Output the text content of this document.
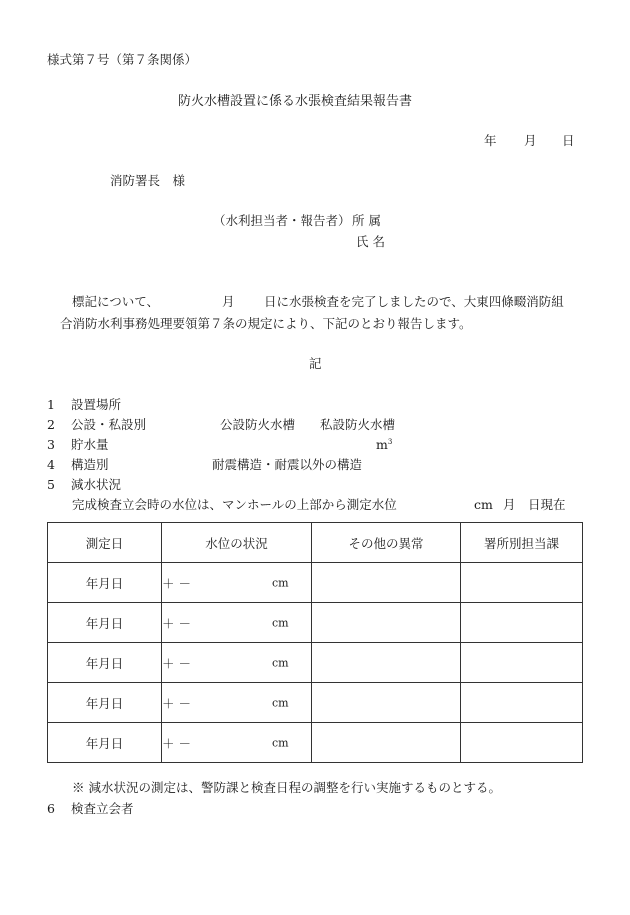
様式第７号（第７条関係）
防火水槽設置に係る水張検査結果報告書
年 月 日
消防署長　様
（水利担当者・報告者） 所 属
氏 名
標記について、	月 日に水張検査を完了しましたので、大東四條畷消防組
合消防水利事務処理要領第７条の規定により、下記のとおり報告します。
記
1 設置場所
2 公設・私設別	公設防火水槽　　私設防火水槽
3 貯水量	$m^3$
4 構造別	耐震構造・耐震以外の構造
5 減水状況
完成検査立会時の水位は、マンホールの上部から測定水位	cm 月 日現在
測定日	水位の状況	その他の異常	署所別担当課
年月日	＋ － cm		

年月日	＋ － cm		

年月日	＋ － cm		

年月日	＋ － cm		

年月日	＋ － cm		

※ 減水状況の測定は、警防課と検査日程の調整を行い実施するものとする。
6 検査立会者
